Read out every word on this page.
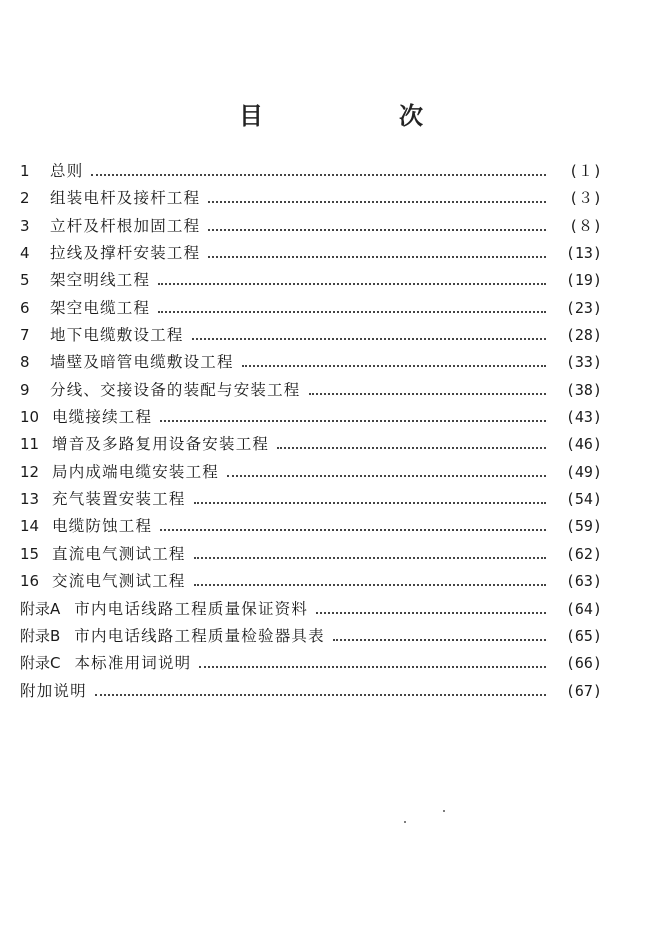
目　次
1	总则	(１)
2	组装电杆及接杆工程	(３)
3	立杆及杆根加固工程	(８)
4	拉线及撑杆安装工程	(13)
5	架空明线工程	(19)
6	架空电缆工程	(23)
7	地下电缆敷设工程	(28)
8	墙壁及暗管电缆敷设工程	(33)
9	分线、交接设备的装配与安装工程	(38)
10 电缆接续工程	(43)
11 增音及多路复用设备安装工程	(46)
12 局内成端电缆安装工程	(49)
13 充气装置安装工程	(54)
14 电缆防蚀工程	(59)
15 直流电气测试工程	(62)
16 交流电气测试工程	(63)
附录A 市内电话线路工程质量保证资料	(64)
附录B 市内电话线路工程质量检验器具表	(65)
附录C 本标准用词说明	(66)
附加说明	(67)
